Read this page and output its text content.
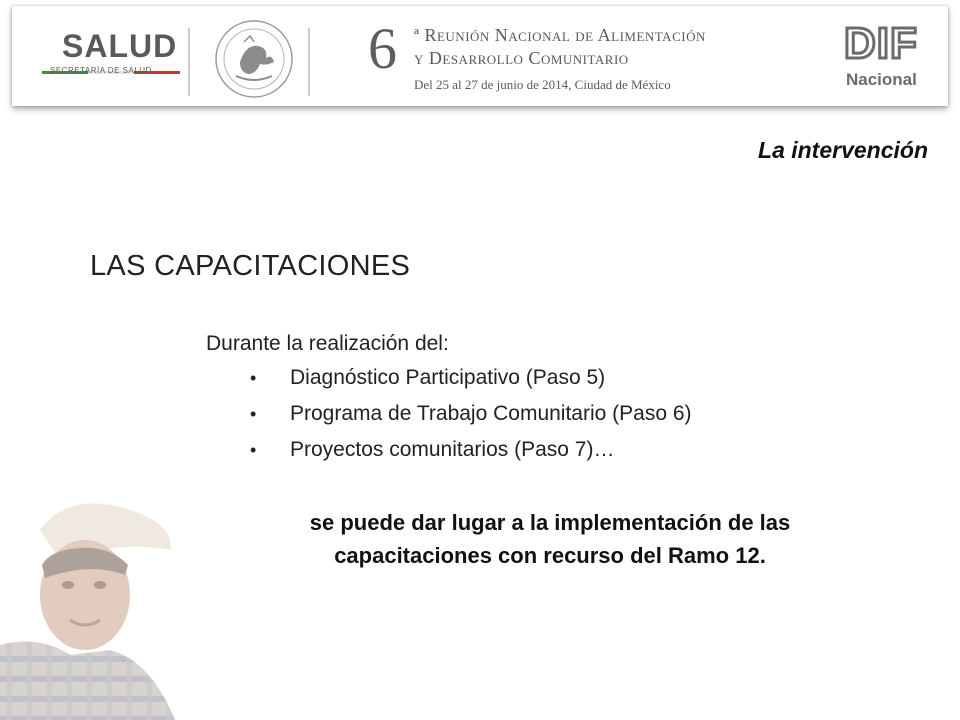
SALUD
SECRETARÍA DE SALUD	6 ª Reunión Nacional de Alimentación
y Desarrollo Comunitario
Del 25 al 27 de junio de 2014, Ciudad de México
DIF
Nacional
La intervención
LAS CAPACITACIONES
Durante la realización del:
•	Diagnóstico Participativo (Paso 5)
•	Programa de Trabajo Comunitario (Paso 6)
•	Proyectos comunitarios (Paso 7)…
se puede dar lugar a la implementación de las
capacitaciones con recurso del Ramo 12.
